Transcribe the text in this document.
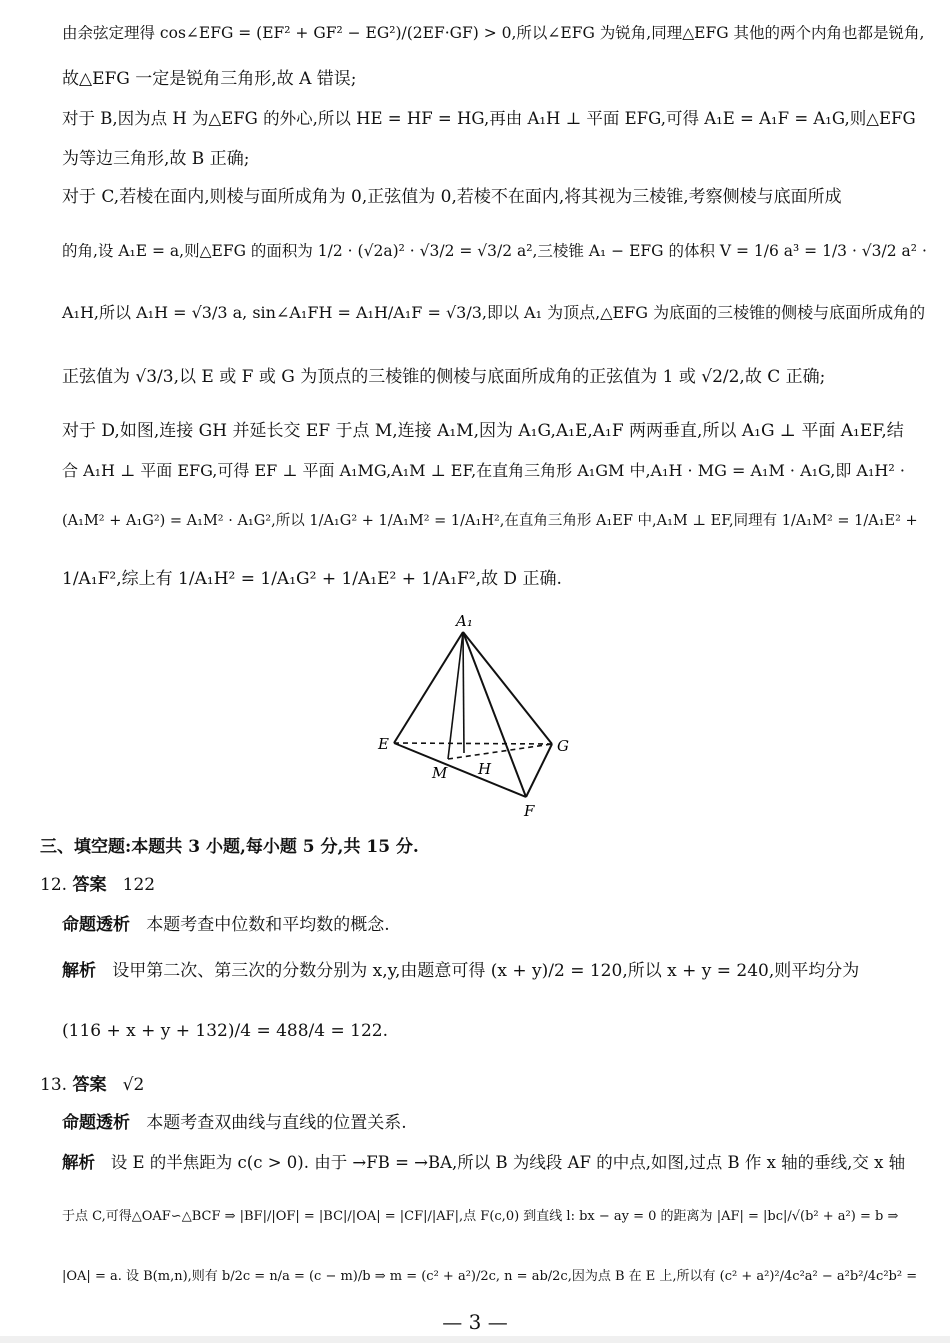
由余弦定理得 cos∠EFG = (EF² + GF² − EG²)/(2EF·GF) > 0,所以∠EFG 为锐角,同理△EFG 其他的两个内角也都是锐角,
故△EFG 一定是锐角三角形,故 A 错误;
对于 B,因为点 H 为△EFG 的外心,所以 HE = HF = HG,再由 A₁H ⊥ 平面 EFG,可得 A₁E = A₁F = A₁G,则△EFG
为等边三角形,故 B 正确;
对于 C,若棱在面内,则棱与面所成角为 0,正弦值为 0,若棱不在面内,将其视为三棱锥,考察侧棱与底面所成
的角,设 A₁E = a,则△EFG 的面积为 1/2 · (√2a)² · √3/2 = √3/2 a²,三棱锥 A₁ − EFG 的体积 V = 1/6 a³ = 1/3 · √3/2 a² ·
A₁H,所以 A₁H = √3/3 a, sin∠A₁FH = A₁H/A₁F = √3/3,即以 A₁ 为顶点,△EFG 为底面的三棱锥的侧棱与底面所成角的
正弦值为 √3/3,以 E 或 F 或 G 为顶点的三棱锥的侧棱与底面所成角的正弦值为 1 或 √2/2,故 C 正确;
对于 D,如图,连接 GH 并延长交 EF 于点 M,连接 A₁M,因为 A₁G,A₁E,A₁F 两两垂直,所以 A₁G ⊥ 平面 A₁EF,结
合 A₁H ⊥ 平面 EFG,可得 EF ⊥ 平面 A₁MG,A₁M ⊥ EF,在直角三角形 A₁GM 中,A₁H · MG = A₁M · A₁G,即 A₁H² ·
(A₁M² + A₁G²) = A₁M² · A₁G²,所以 1/A₁G² + 1/A₁M² = 1/A₁H²,在直角三角形 A₁EF 中,A₁M ⊥ EF,同理有 1/A₁M² = 1/A₁E² +
1/A₁F²,综上有 1/A₁H² = 1/A₁G² + 1/A₁E² + 1/A₁F²,故 D 正确.
A₁
E	G
M H
F
三、填空题:本题共 3 小题,每小题 5 分,共 15 分.
12. 答案 122
命题透析 本题考查中位数和平均数的概念.
解析 设甲第二次、第三次的分数分别为 x,y,由题意可得 (x + y)/2 = 120,所以 x + y = 240,则平均分为
(116 + x + y + 132)/4 = 488/4 = 122.
13. 答案 √2
命题透析 本题考查双曲线与直线的位置关系.
解析 设 E 的半焦距为 c(c > 0). 由于 →FB = →BA,所以 B 为线段 AF 的中点,如图,过点 B 作 x 轴的垂线,交 x 轴
于点 C,可得△OAF∽△BCF ⇒ |BF|/|OF| = |BC|/|OA| = |CF|/|AF|,点 F(c,0) 到直线 l: bx − ay = 0 的距离为 |AF| = |bc|/√(b² + a²) = b ⇒
|OA| = a. 设 B(m,n),则有 b/2c = n/a = (c − m)/b ⇒ m = (c² + a²)/2c, n = ab/2c,因为点 B 在 E 上,所以有 (c² + a²)²/4c²a² − a²b²/4c²b² =
— 3 —
